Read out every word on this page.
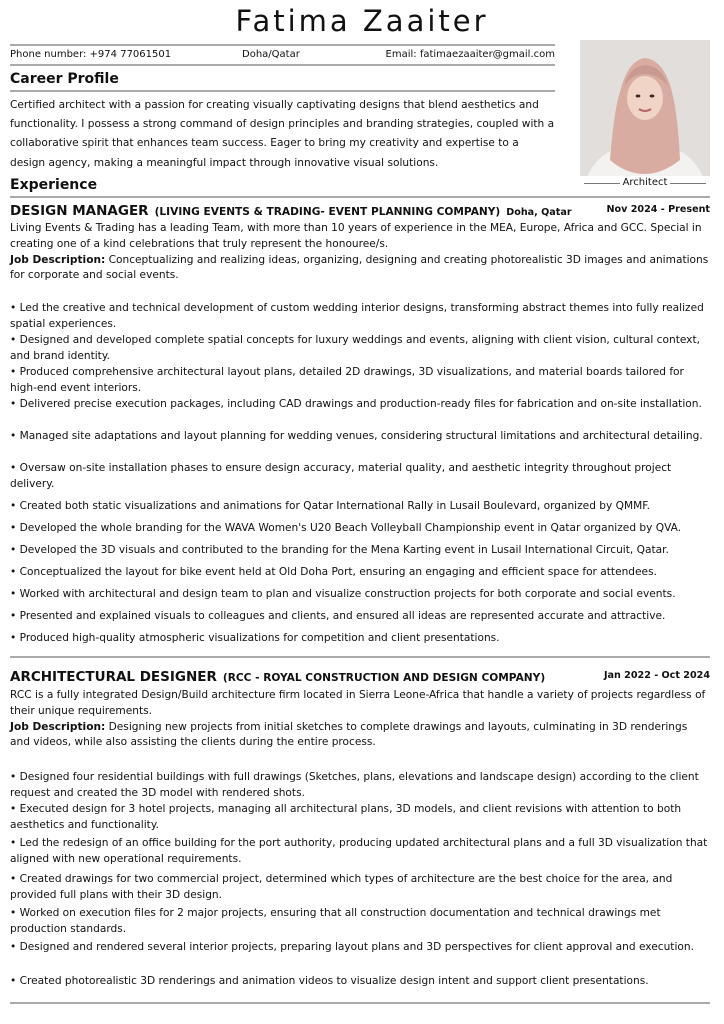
Fatima Zaaiter
Phone number: +974 77061501	Doha/Qatar	Email: fatimaezaaiter@gmail.com
Architect
Career Profile
Certified architect with a passion for creating visually captivating designs that blend aesthetics and functionality. I possess a strong command of design principles and branding strategies, coupled with a collaborative spirit that enhances team success. Eager to bring my creativity and expertise to a design agency, making a meaningful impact through innovative visual solutions.
Experience
DESIGN MANAGER (LIVING EVENTS & TRADING- EVENT PLANNING COMPANY) Doha, Qatar	Nov 2024 - Present

Living Events & Trading has a leading Team, with more than 10 years of experience in the MEA, Europe, Africa and GCC. Special in creating one of a kind celebrations that truly represent the honouree/s.

Job Description: Conceptualizing and realizing ideas, organizing, designing and creating photorealistic 3D images and animations for corporate and social events.

• Led the creative and technical development of custom wedding interior designs, transforming abstract themes into fully realized spatial experiences.
• Designed and developed complete spatial concepts for luxury weddings and events, aligning with client vision, cultural context, and brand identity.
• Produced comprehensive architectural layout plans, detailed 2D drawings, 3D visualizations, and material boards tailored for high-end event interiors.
• Delivered precise execution packages, including CAD drawings and production-ready files for fabrication and on-site installation.
• Managed site adaptations and layout planning for wedding venues, considering structural limitations and architectural detailing.
• Oversaw on-site installation phases to ensure design accuracy, material quality, and aesthetic integrity throughout project delivery.
• Created both static visualizations and animations for Qatar International Rally in Lusail Boulevard, organized by QMMF.
• Developed the whole branding for the WAVA Women's U20 Beach Volleyball Championship event in Qatar organized by QVA.
• Developed the 3D visuals and contributed to the branding for the Mena Karting event in Lusail International Circuit, Qatar.
• Conceptualized the layout for bike event held at Old Doha Port, ensuring an engaging and efficient space for attendees.
• Worked with architectural and design team to plan and visualize construction projects for both corporate and social events.
• Presented and explained visuals to colleagues and clients, and ensured all ideas are represented accurate and attractive.
• Produced high-quality atmospheric visualizations for competition and client presentations.
ARCHITECTURAL DESIGNER (RCC - ROYAL CONSTRUCTION AND DESIGN COMPANY)	Jan 2022 - Oct 2024

RCC is a fully integrated Design/Build architecture firm located in Sierra Leone-Africa that handle a variety of projects regardless of their unique requirements.

Job Description: Designing new projects from initial sketches to complete drawings and layouts, culminating in 3D renderings and videos, while also assisting the clients during the entire process.

• Designed four residential buildings with full drawings (Sketches, plans, elevations and landscape design) according to the client request and created the 3D model with rendered shots.
• Executed design for 3 hotel projects, managing all architectural plans, 3D models, and client revisions with attention to both aesthetics and functionality.
• Led the redesign of an office building for the port authority, producing updated architectural plans and a full 3D visualization that aligned with new operational requirements.
• Created drawings for two commercial project, determined which types of architecture are the best choice for the area, and provided full plans with their 3D design.
• Worked on execution files for 2 major projects, ensuring that all construction documentation and technical drawings met production standards.
• Designed and rendered several interior projects, preparing layout plans and 3D perspectives for client approval and execution.
• Created photorealistic 3D renderings and animation videos to visualize design intent and support client presentations.
